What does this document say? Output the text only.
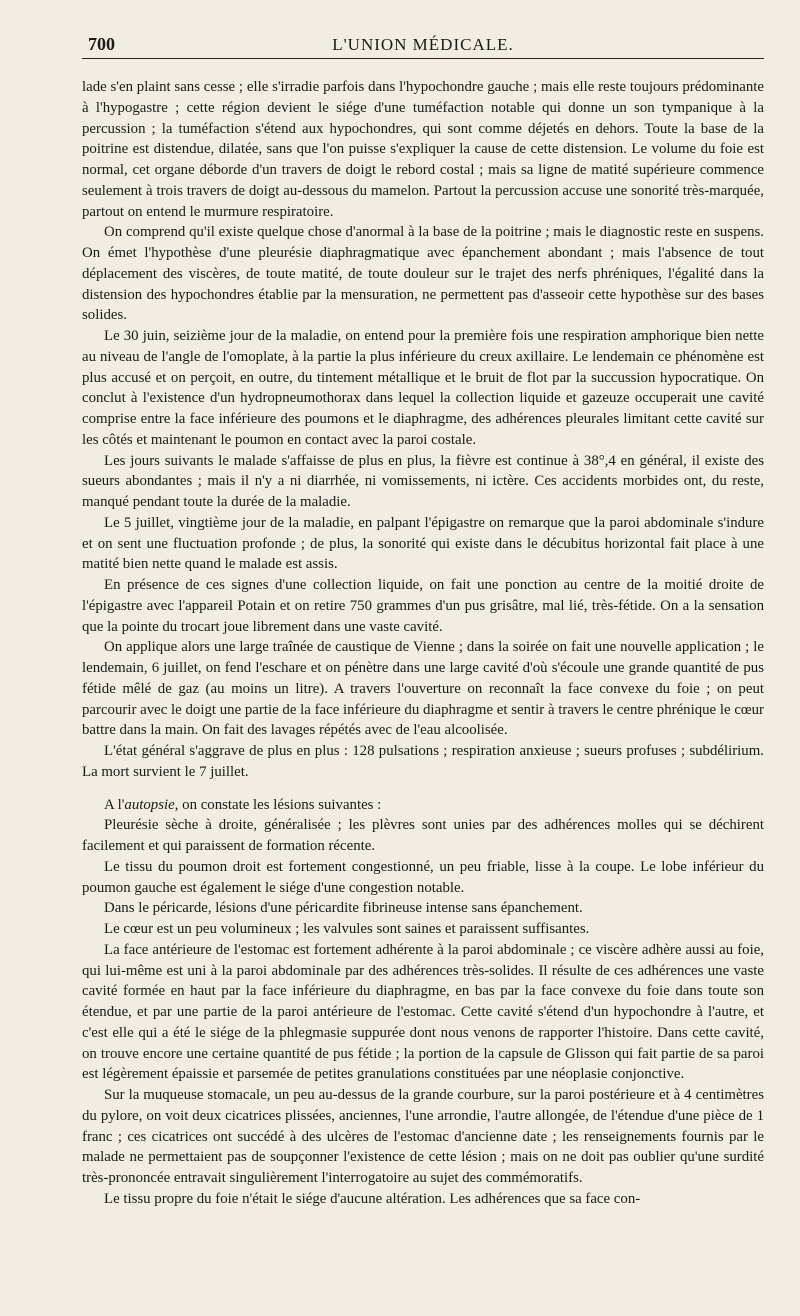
700	L'UNION MÉDICALE.

lade s'en plaint sans cesse ; elle s'irradie parfois dans l'hypochondre gauche ; mais elle reste toujours prédominante à l'hypogastre ; cette région devient le siége d'une tuméfaction notable qui donne un son tympanique à la percussion ; la tuméfaction s'étend aux hypochondres, qui sont comme déjetés en dehors. Toute la base de la poitrine est distendue, dilatée, sans que l'on puisse s'expliquer la cause de cette distension. Le volume du foie est normal, cet organe déborde d'un travers de doigt le rebord costal ; mais sa ligne de matité supérieure commence seulement à trois travers de doigt au-dessous du mamelon. Partout la percussion accuse une sonorité très-marquée, partout on entend le murmure respiratoire.

On comprend qu'il existe quelque chose d'anormal à la base de la poitrine ; mais le diagnostic reste en suspens. On émet l'hypothèse d'une pleurésie diaphragmatique avec épanchement abondant ; mais l'absence de tout déplacement des viscères, de toute matité, de toute douleur sur le trajet des nerfs phréniques, l'égalité dans la distension des hypochondres établie par la mensuration, ne permettent pas d'asseoir cette hypothèse sur des bases solides.

Le 30 juin, seizième jour de la maladie, on entend pour la première fois une respiration amphorique bien nette au niveau de l'angle de l'omoplate, à la partie la plus inférieure du creux axillaire. Le lendemain ce phénomène est plus accusé et on perçoit, en outre, du tintement métallique et le bruit de flot par la succussion hypocratique. On conclut à l'existence d'un hydropneumothorax dans lequel la collection liquide et gazeuze occuperait une cavité comprise entre la face inférieure des poumons et le diaphragme, des adhérences pleurales limitant cette cavité sur les côtés et maintenant le poumon en contact avec la paroi costale.

Les jours suivants le malade s'affaisse de plus en plus, la fièvre est continue à 38°,4 en général, il existe des sueurs abondantes ; mais il n'y a ni diarrhée, ni vomissements, ni ictère. Ces accidents morbides ont, du reste, manqué pendant toute la durée de la maladie.

Le 5 juillet, vingtième jour de la maladie, en palpant l'épigastre on remarque que la paroi abdominale s'indure et on sent une fluctuation profonde ; de plus, la sonorité qui existe dans le décubitus horizontal fait place à une matité bien nette quand le malade est assis.

En présence de ces signes d'une collection liquide, on fait une ponction au centre de la moitié droite de l'épigastre avec l'appareil Potain et on retire 750 grammes d'un pus grisâtre, mal lié, très-fétide. On a la sensation que la pointe du trocart joue librement dans une vaste cavité.

On applique alors une large traînée de caustique de Vienne ; dans la soirée on fait une nouvelle application ; le lendemain, 6 juillet, on fend l'eschare et on pénètre dans une large cavité d'où s'écoule une grande quantité de pus fétide mêlé de gaz (au moins un litre). A travers l'ouverture on reconnaît la face convexe du foie ; on peut parcourir avec le doigt une partie de la face inférieure du diaphragme et sentir à travers le centre phrénique le cœur battre dans la main. On fait des lavages répétés avec de l'eau alcoolisée.

L'état général s'aggrave de plus en plus : 128 pulsations ; respiration anxieuse ; sueurs profuses ; subdélirium. La mort survient le 7 juillet.

A l'autopsie, on constate les lésions suivantes :

Pleurésie sèche à droite, généralisée ; les plèvres sont unies par des adhérences molles qui se déchirent facilement et qui paraissent de formation récente.

Le tissu du poumon droit est fortement congestionné, un peu friable, lisse à la coupe. Le lobe inférieur du poumon gauche est également le siége d'une congestion notable.

Dans le péricarde, lésions d'une péricardite fibrineuse intense sans épanchement.

Le cœur est un peu volumineux ; les valvules sont saines et paraissent suffisantes.

La face antérieure de l'estomac est fortement adhérente à la paroi abdominale ; ce viscère adhère aussi au foie, qui lui-même est uni à la paroi abdominale par des adhérences très-solides. Il résulte de ces adhérences une vaste cavité formée en haut par la face inférieure du diaphragme, en bas par la face convexe du foie dans toute son étendue, et par une partie de la paroi antérieure de l'estomac. Cette cavité s'étend d'un hypochondre à l'autre, et c'est elle qui a été le siége de la phlegmasie suppurée dont nous venons de rapporter l'histoire. Dans cette cavité, on trouve encore une certaine quantité de pus fétide ; la portion de la capsule de Glisson qui fait partie de sa paroi est légèrement épaissie et parsemée de petites granulations constituées par une néoplasie conjonctive.

Sur la muqueuse stomacale, un peu au-dessus de la grande courbure, sur la paroi postérieure et à 4 centimètres du pylore, on voit deux cicatrices plissées, anciennes, l'une arrondie, l'autre allongée, de l'étendue d'une pièce de 1 franc ; ces cicatrices ont succédé à des ulcères de l'estomac d'ancienne date ; les renseignements fournis par le malade ne permettaient pas de soupçonner l'existence de cette lésion ; mais on ne doit pas oublier qu'une surdité très-prononcée entravait singulièrement l'interrogatoire au sujet des commémoratifs.

Le tissu propre du foie n'était le siége d'aucune altération. Les adhérences que sa face con-
